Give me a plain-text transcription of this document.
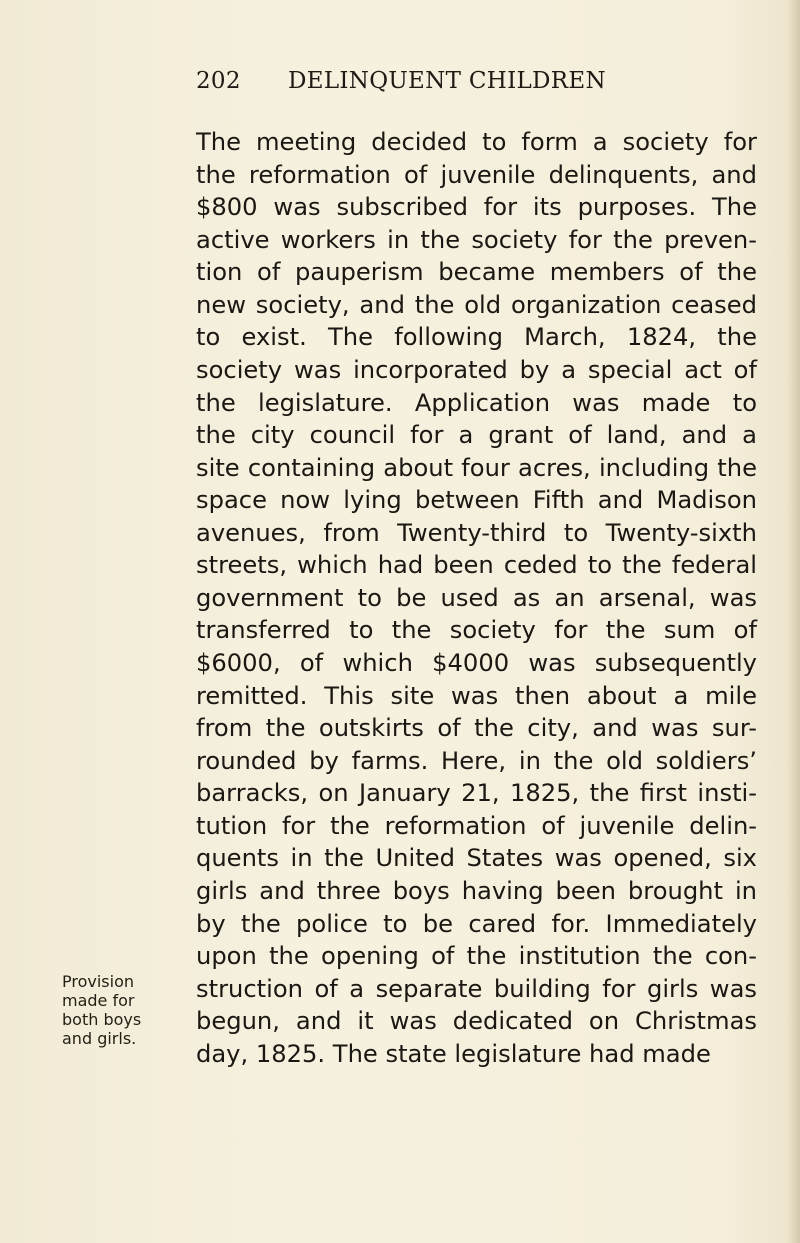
202 DELINQUENT CHILDREN
The meeting decided to form a society for
the reformation of juvenile delinquents, and
$800 was subscribed for its purposes. The
active workers in the society for the preven-
tion of pauperism became members of the
new society, and the old organization ceased
to exist. The following March, 1824, the
society was incorporated by a special act of
the legislature. Application was made to
the city council for a grant of land, and a
site containing about four acres, including the
space now lying between Fifth and Madison
avenues, from Twenty-third to Twenty-sixth
streets, which had been ceded to the federal
government to be used as an arsenal, was
transferred to the society for the sum of
$6000, of which $4000 was subsequently
remitted. This site was then about a mile
from the outskirts of the city, and was sur-
rounded by farms. Here, in the old soldiers’
barracks, on January 21, 1825, the first insti-
tution for the reformation of juvenile delin-
quents in the United States was opened, six
girls and three boys having been brought in
by the police to be cared for. Immediately
upon the opening of the institution the con-
struction of a separate building for girls was
begun, and it was dedicated on Christmas
day, 1825. The state legislature had made
Provision
made for
both boys
and girls.
